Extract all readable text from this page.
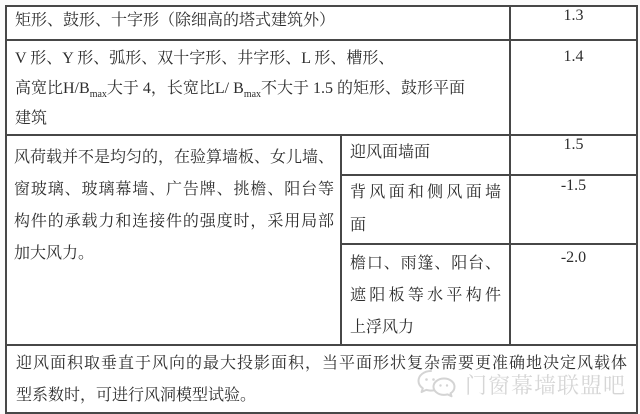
矩形、鼓形、十字形（除细高的塔式建筑外）		1.3

V 形、Y 形、弧形、双十字形、井字形、L 形、槽形、
高宽比$H/B_{max}$大于 4，长宽比L/ $B_{max}$不大于 1.5 的矩形、鼓形平面
建筑		1.4

风荷载并不是均匀的，在验算墙板、女儿墙、
窗玻璃、玻璃幕墙、广告牌、挑檐、阳台等
构件的承载力和连接件的强度时，采用局部
加大风力。	迎风面墙面	1.5

	背风面和侧风面墙
面	-1.5

	檐口、雨篷、阳台、
遮阳板等水平构件
上浮风力	-2.0

迎风面积取垂直于风向的最大投影面积，当平面形状复杂需要更准确地决定风载体
型系数时，可进行风洞模型试验。 门窗幕墙联盟吧		
